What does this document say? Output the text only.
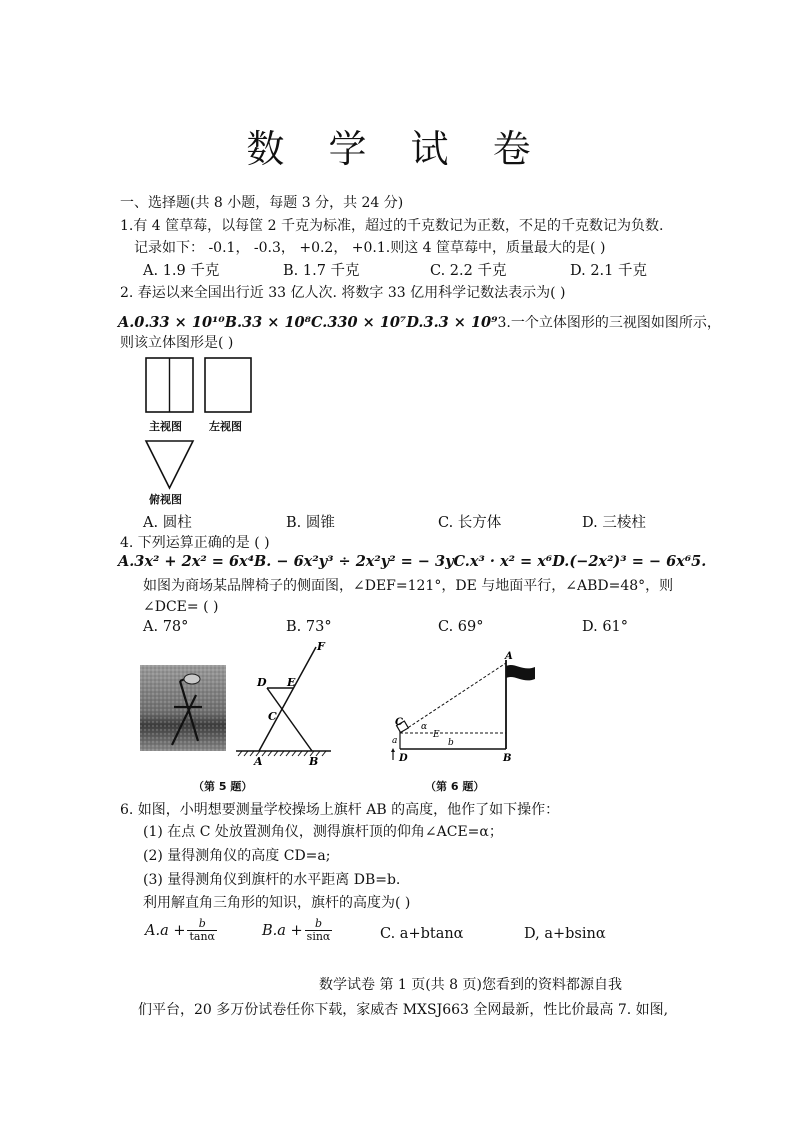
数 学 试 卷
一、选择题(共 8 小题，每题 3 分，共 24 分)
1.有 4 筐草莓，以每筐 2 千克为标准，超过的千克数记为正数，不足的千克数记为负数.
记录如下： -0.1， -0.3， +0.2， +0.1.则这 4 筐草莓中，质量最大的是( )
A. 1.9 千克	B. 1.7 千克	C. 2.2 千克	D. 2.1 千克
2. 春运以来全国出行近 33 亿人次. 将数字 33 亿用科学记数法表示为( )
A.0.33 × 10¹⁰B.33 × 10⁸C.330 × 10⁷D.3.3 × 10⁹3.一个立体图形的三视图如图所示，
则该立体图形是( )
主视图 左视图
俯视图
A. 圆柱	B. 圆锥	C. 长方体	D. 三棱柱
4. 下列运算正确的是 ( )
A.3x² + 2x² = 6x⁴B. − 6x²y³ ÷ 2x²y² = − 3yC.x³ · x² = x⁶D.(−2x²)³ = − 6x⁶5.
如图为商场某品牌椅子的侧面图，∠DEF=121°，DE 与地面平行，∠ABD=48°，则
∠DCE= ( )
A. 78°	B. 73°	C. 69°	D. 61°
F
D E
C
A	B
（第 5 题）
A
C
E
D	B
a	b
α
（第 6 题）
6. 如图，小明想要测量学校操场上旗杆 AB 的高度，他作了如下操作：
(1) 在点 C 处放置测角仪，测得旗杆顶的仰角∠ACE=α；
(2) 量得测角仪的高度 CD=a;
(3) 量得测角仪到旗杆的水平距离 DB=b.
利用解直角三角形的知识，旗杆的高度为( )
$A.a + \frac{b}{\tan\alpha}$	$B.a + \frac{b}{\sin\alpha}$	C. a+btanα	D, a+bsinα
数学试卷 第 1 页(共 8 页)您看到的资料都源自我
们平台，20 多万份试卷任你下载，家威杏 MXSJ663 全网最新，性比价最高 7. 如图,
